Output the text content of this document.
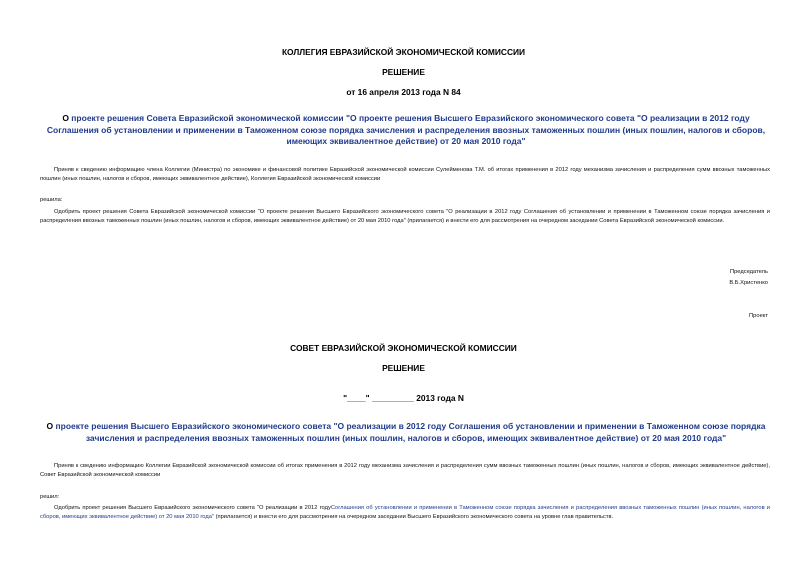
КОЛЛЕГИЯ ЕВРАЗИЙСКОЙ ЭКОНОМИЧЕСКОЙ КОМИССИИ
РЕШЕНИЕ
от 16 апреля 2013 года N 84
О проекте решения Совета Евразийской экономической комиссии "О проекте решения Высшего Евразийского экономического совета "О реализации в 2012 году Соглашения об установлении и применении в Таможенном союзе порядка зачисления и распределения ввозных таможенных пошлин (иных пошлин, налогов и сборов, имеющих эквивалентное действие) от 20 мая 2010 года"
Приняв к сведению информацию члена Коллегии (Министра) по экономике и финансовой политике Евразийской экономической комиссии Сулейменова Т.М. об итогах применения в 2012 году механизма зачисления и распределения сумм ввозных таможенных пошлин (иных пошлин, налогов и сборов, имеющих эквивалентное действие), Коллегия Евразийской экономической комиссии
решила:
Одобрить проект решения Совета Евразийской экономической комиссии "О проекте решения Высшего Евразийского экономического совета "О реализации в 2012 году Соглашения об установлении и применении в Таможенном союзе порядка зачисления и распределения ввозных таможенных пошлин (иных пошлин, налогов и сборов, имеющих эквивалентное действие) от 20 мая 2010 года" (прилагается) и внести его для рассмотрения на очередном заседании Совета Евразийской экономической комиссии.
Председатель
В.Б.Христенко
Проект
СОВЕТ ЕВРАЗИЙСКОЙ ЭКОНОМИЧЕСКОЙ КОМИССИИ
РЕШЕНИЕ
"____" _________ 2013 года N
О проекте решения Высшего Евразийского экономического совета "О реализации в 2012 году Соглашения об установлении и применении в Таможенном союзе порядка зачисления и распределения ввозных таможенных пошлин (иных пошлин, налогов и сборов, имеющих эквивалентное действие) от 20 мая 2010 года"
Приняв к сведению информацию Коллегии Евразийской экономической комиссии об итогах применения в 2012 году механизма зачисления и распределения сумм ввозных таможенных пошлин (иных пошлин, налогов и сборов, имеющих эквивалентное действие), Совет Евразийской экономической комиссии
решил:
Одобрить проект решения Высшего Евразийского экономического совета "О реализации в 2012 годуСоглашения об установлении и применении в Таможенном союзе порядка зачисления и распределения ввозных таможенных пошлин (иных пошлин, налогов и сборов, имеющих эквивалентное действие) от 20 мая 2010 года" (прилагается) и внести его для рассмотрения на очередном заседании Высшего Евразийского экономического совета на уровне глав правительств.
